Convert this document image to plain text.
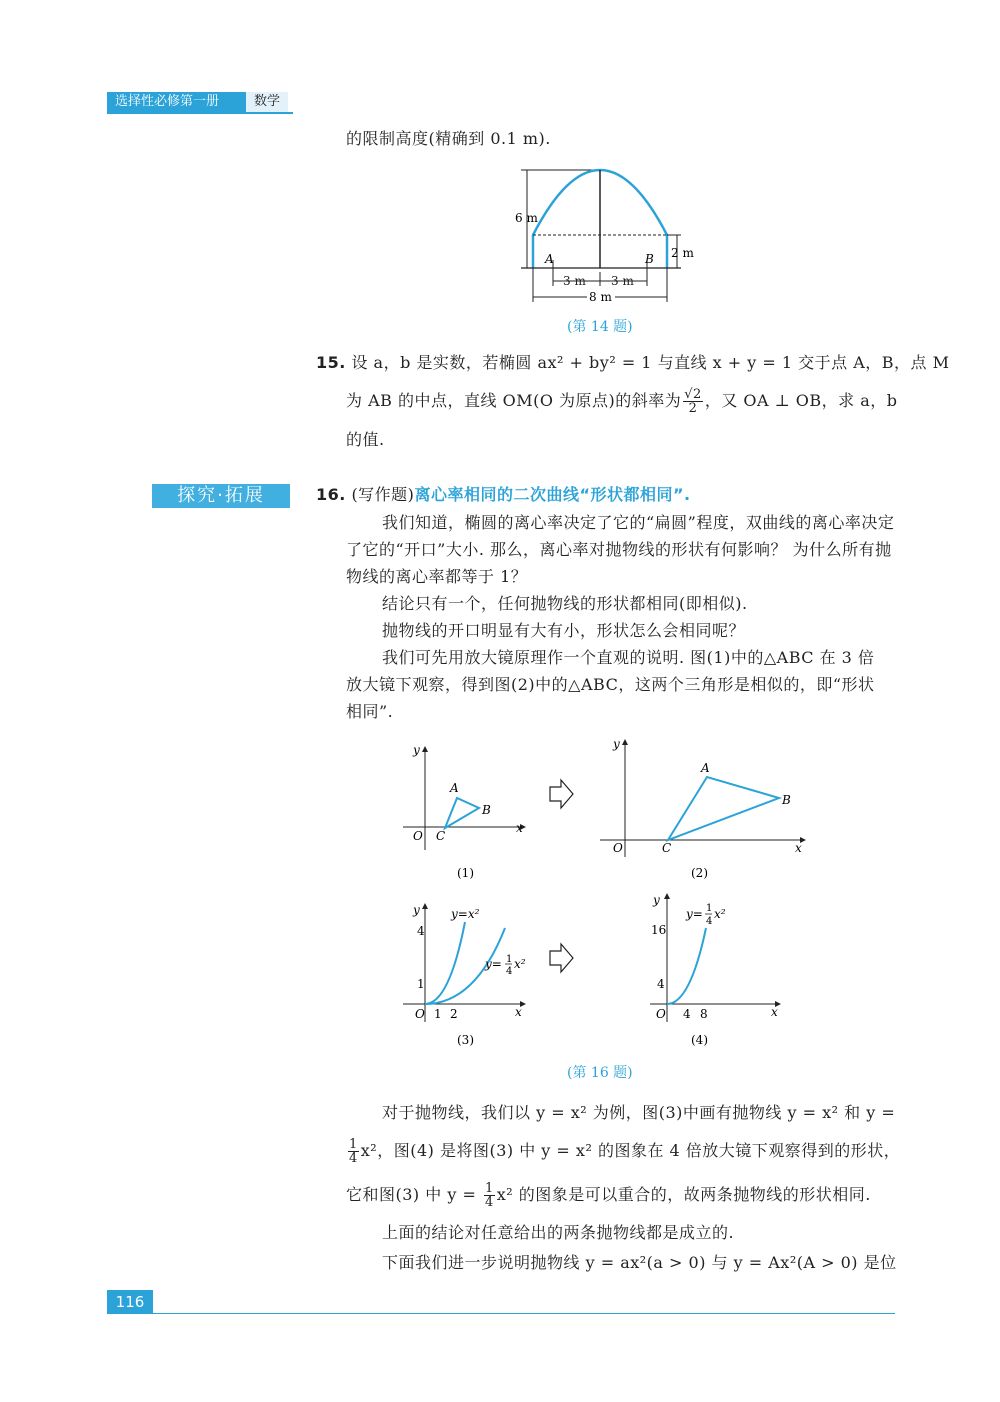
选择性必修第一册	数学
的限制高度(精确到 0.1 m).
6 m
2 m
A	B
3 m 3 m
8 m
(第 14 题)
15. 设 a，b 是实数，若椭圆 ax² + by² = 1 与直线 x + y = 1 交于点 A，B，点 M
为 AB 的中点，直线 OM(O 为原点)的斜率为 $\frac{√2}{2}$ ，又 OA ⊥ OB，求 a，b
的值.
探究·拓展	16. (写作题)离心率相同的二次曲线“形状都相同”.
我们知道，椭圆的离心率决定了它的“扁圆”程度，双曲线的离心率决定
了它的“开口”大小. 那么，离心率对抛物线的形状有何影响？ 为什么所有抛
物线的离心率都等于 1？
结论只有一个，任何抛物线的形状都相同(即相似).
抛物线的开口明显有大有小，形状怎么会相同呢？
我们可先用放大镜原理作一个直观的说明. 图(1)中的△ABC 在 3 倍
放大镜下观察，得到图(2)中的△ABC，这两个三角形是相似的，即“形状
相同”.
y
x
O
A
B
C
(1)
y
x
O
A
B
C
(2)
y
x
O
4
1
1 2
y=x²
y= 1
4
x²
(3)
y
x
O
16
4
4 8
y= 1
4
x²
(4)
(第 16 题)
对于抛物线，我们以 y = x² 为例，图(3)中画有抛物线 y = x² 和 y =
$\frac{1}{4} x^2$，图(4) 是将图(3) 中 y = x² 的图象在 4 倍放大镜下观察得到的形状，
它和图(3) 中 $y = \frac{1}{4} x^2$ 的图象是可以重合的，故两条抛物线的形状相同.
上面的结论对任意给出的两条抛物线都是成立的.
下面我们进一步说明抛物线 y = ax²(a > 0) 与 y = Ax²(A > 0) 是位
116
